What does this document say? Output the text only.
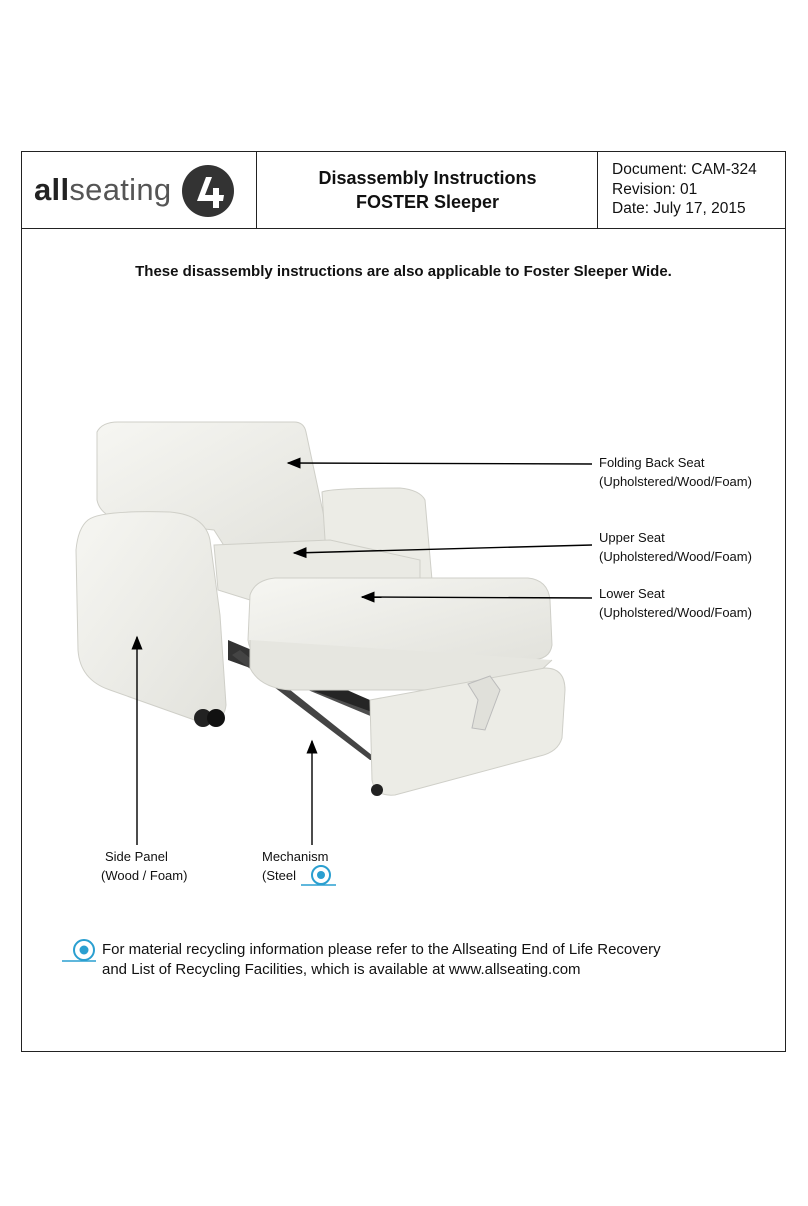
allseating	Disassembly Instructions
FOSTER Sleeper
Document: CAM-324
Revision: 01
Date: July 17, 2015
These disassembly instructions are also applicable to Foster Sleeper Wide.
Folding Back Seat
(Upholstered/Wood/Foam)
Upper Seat
(Upholstered/Wood/Foam)
Lower Seat
(Upholstered/Wood/Foam)
Side Panel
(Wood / Foam)
Mechanism
(Steel
For material recycling information please refer to the Allseating End of Life Recovery
and List of Recycling Facilities, which is available at www.allseating.com
